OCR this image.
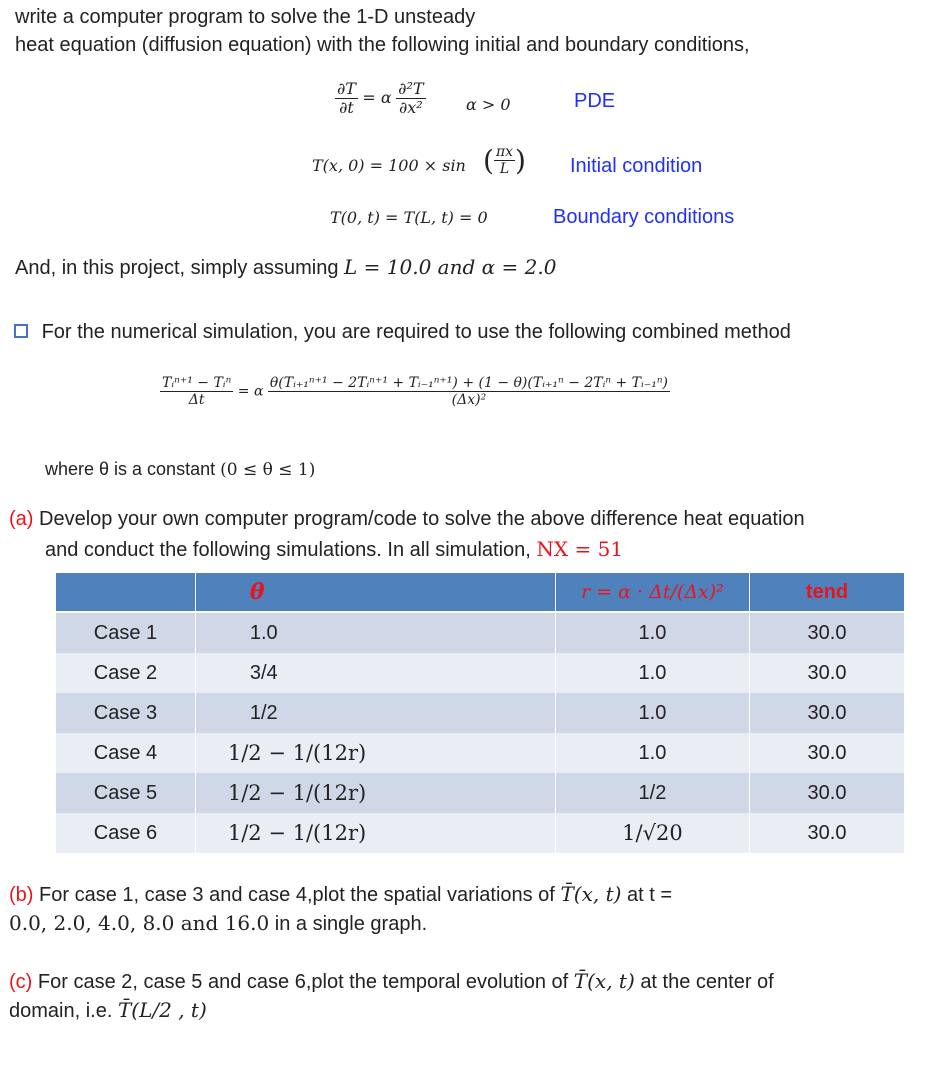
write a computer program to solve the 1-D unsteady
heat equation (diffusion equation) with the following initial and boundary conditions,
$\frac{\partial T}{\partial t} = \alpha \frac{\text{∂²T}}{\text{∂x²}}$	α > 0	PDE
T(x, 0) = 100 × sin ( $\frac{\pi x}{L}$ ) Initial condition
T(0, t) = T(L, t) = 0	Boundary conditions
And, in this project, simply assuming L = 10.0 and α = 2.0
For the numerical simulation, you are required to use the following combined method
$\frac{\text{Tᵢⁿ⁺¹ − Tᵢⁿ}}{\Delta t} = \alpha$
θ(Tᵢ₊₁ⁿ⁺¹ − 2Tᵢⁿ⁺¹ + Tᵢ₋₁ⁿ⁺¹) + (1 − θ)(Tᵢ₊₁ⁿ − 2Tᵢⁿ + Tᵢ₋₁ⁿ)
(Δx)²
where θ is a constant (0 ≤ θ ≤ 1)
(a) Develop your own computer program/code to solve the above difference heat equation
and conduct the following simulations. In all simulation, NX = 51
	θ	r = α · Δt/(Δx)²	tend
Case 1	1.0	1.0	30.0
Case 2	3/4	1.0	30.0
Case 3	1/2	1.0	30.0
Case 4	1/2 − 1/(12r)	1.0	30.0
Case 5	1/2 − 1/(12r)	1/2	30.0
Case 6	1/2 − 1/(12r)	1/√20	30.0
(b) For case 1, case 3 and case 4,plot the spatial variations of T̄(x, t) at t =
0.0, 2.0, 4.0, 8.0 and 16.0 in a single graph.
(c) For case 2, case 5 and case 6,plot the temporal evolution of T̄(x, t) at the center of
domain, i.e. T̄(L/2 , t)
